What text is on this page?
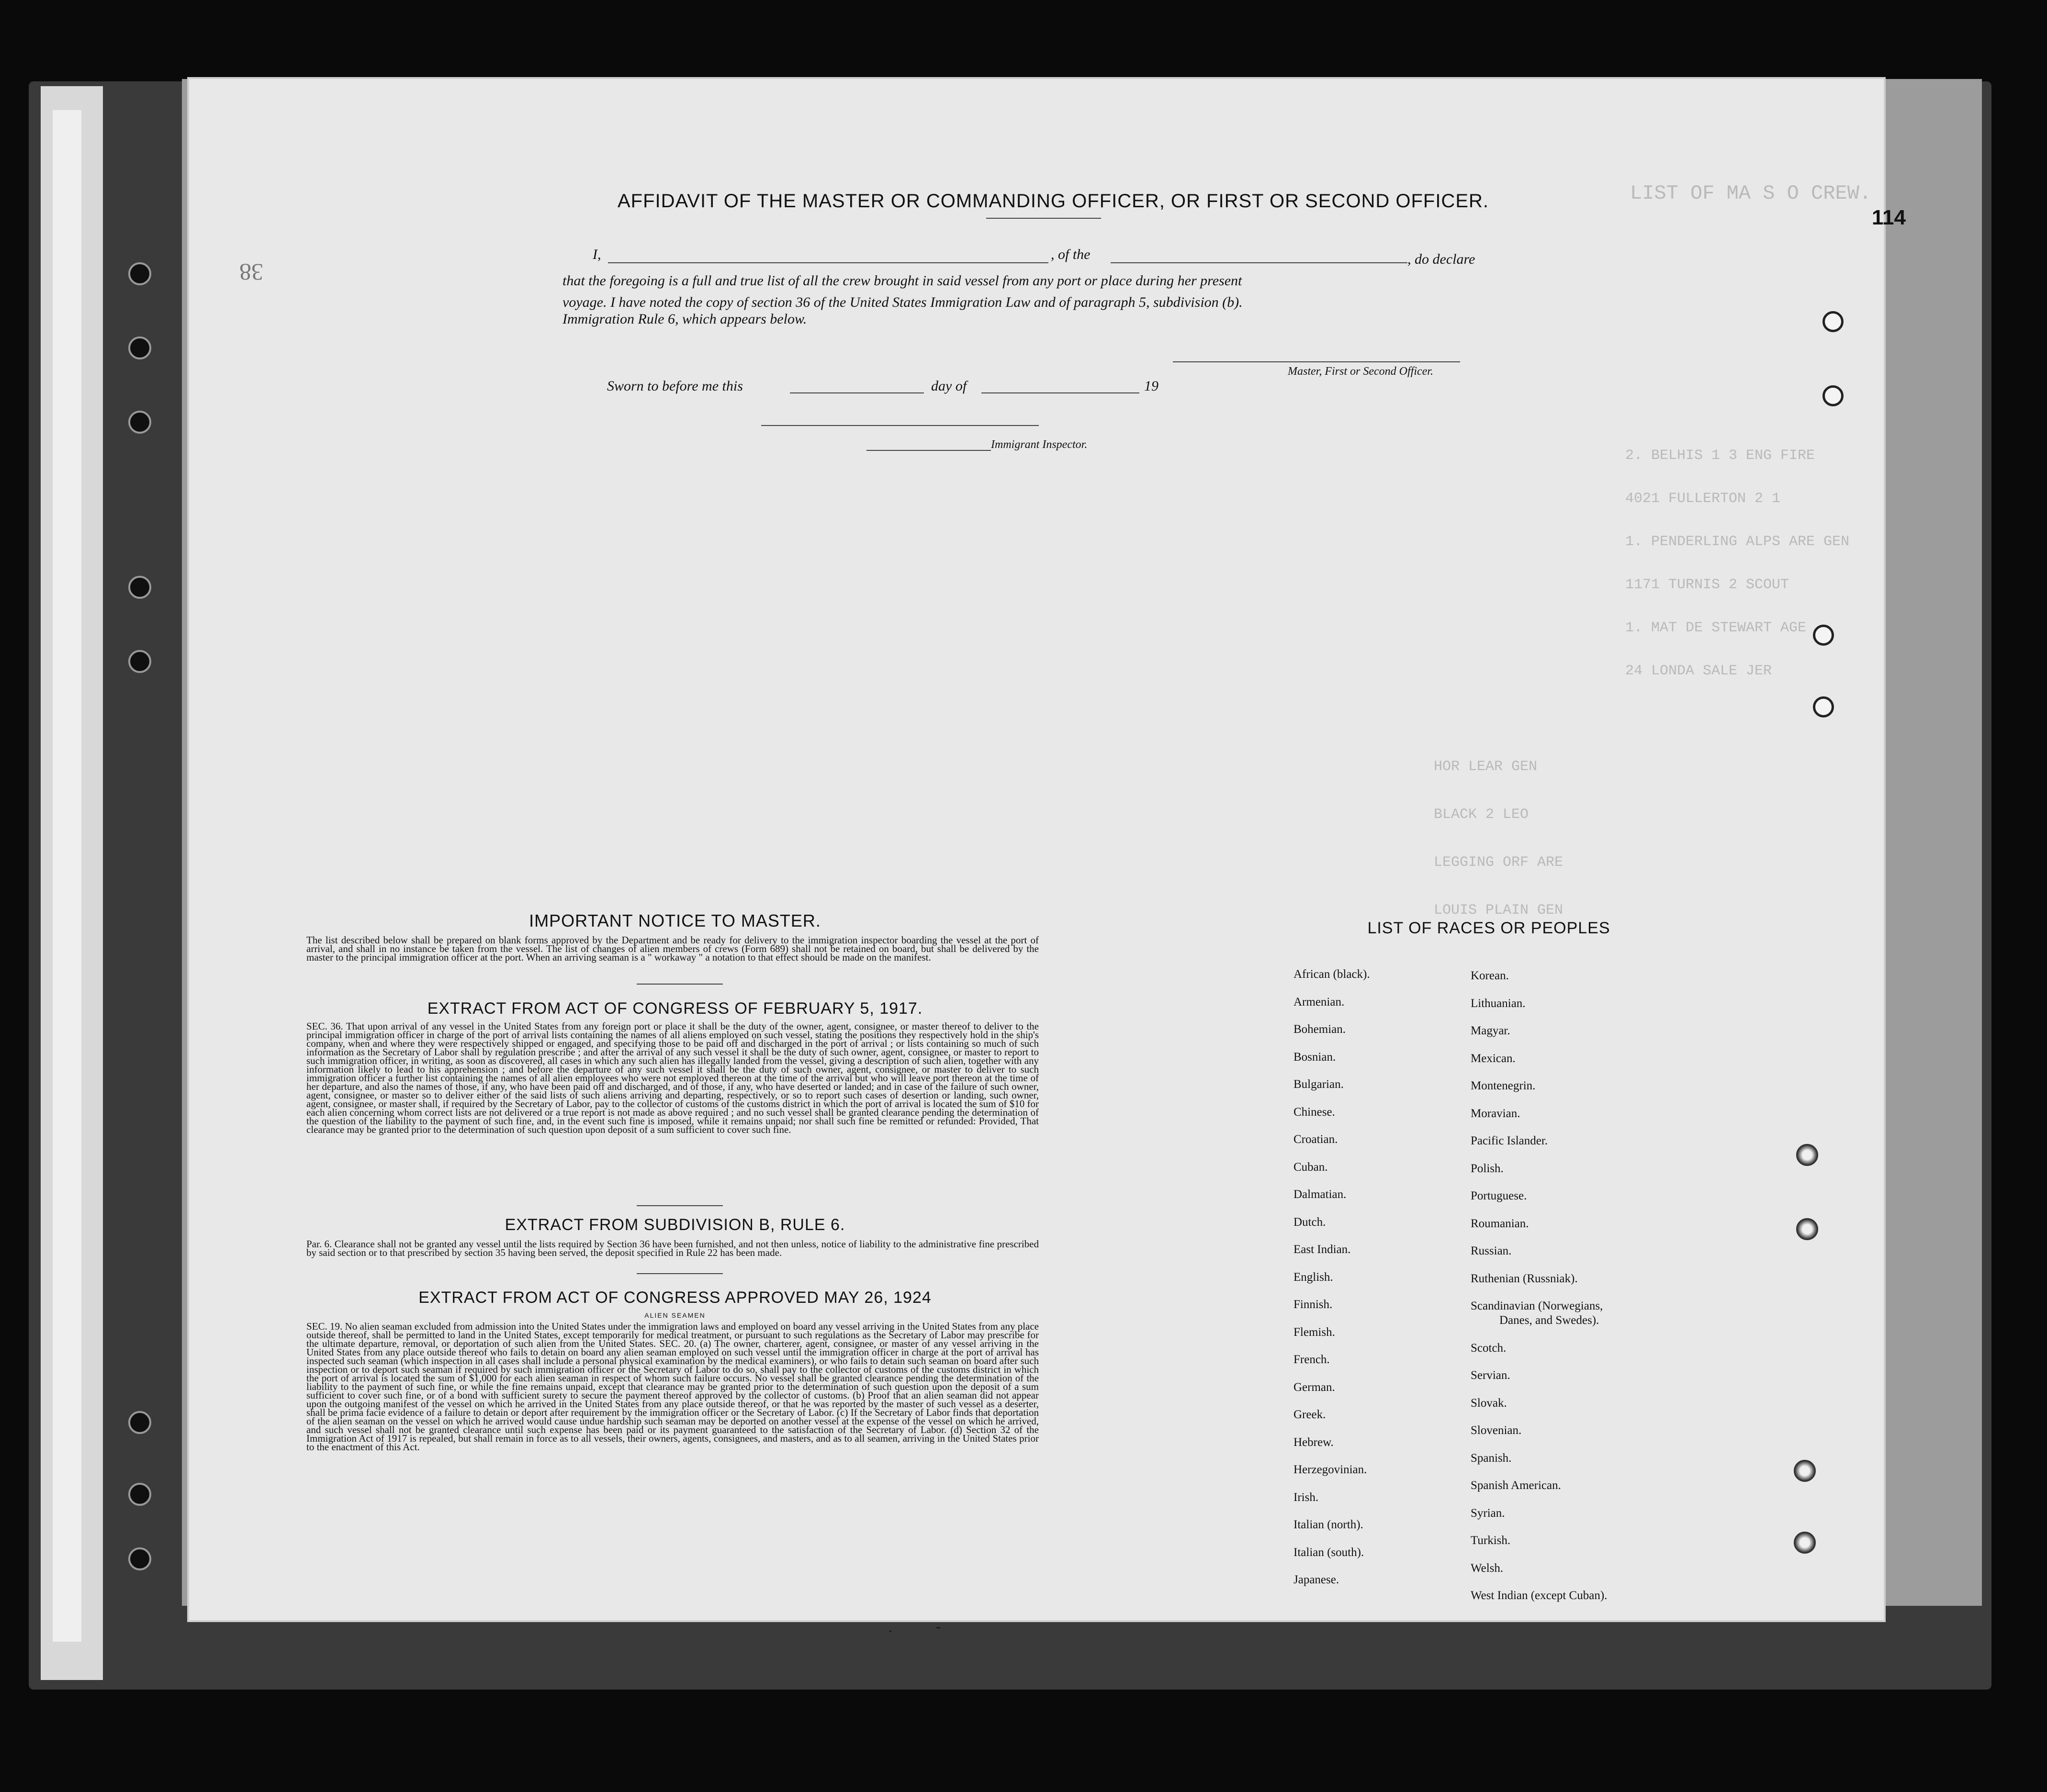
LIST OF MA S O CREW.
2. BELHIS 1 3 ENG FIRE
4021 FULLERTON 2 1
1. PENDERLING ALPS ARE GEN
1171 TURNIS 2 SCOUT
1. MAT DE STEWART AGE
24 LONDA SALE JER
HOR LEAR GEN
BLACK 2 LEO
LEGGING ORF ARE
LOUIS PLAIN GEN
38
114
AFFIDAVIT OF THE MASTER OR COMMANDING OFFICER, OR FIRST OR SECOND OFFICER.
I,	, of the	, do declare
that the foregoing is a full and true list of all the crew brought in said vessel from any port or place during her present
voyage. I have noted the copy of section 36 of the United States Immigration Law and of paragraph 5, subdivision (b).
Immigration Rule 6, which appears below.
Master, First or Second Officer.
Sworn to before me this	day of	19
Immigrant Inspector.
IMPORTANT NOTICE TO MASTER.
The list described below shall be prepared on blank forms approved by the Department and be ready for delivery to the immigration inspector boarding the vessel at the port of arrival, and shall in no instance be taken from the vessel. The list of changes of alien members of crews (Form 689) shall not be retained on board, but shall be delivered by the master to the principal immigration officer at the port. When an arriving seaman is a " workaway " a notation to that effect should be made on the manifest.
EXTRACT FROM ACT OF CONGRESS OF FEBRUARY 5, 1917.
SEC. 36. That upon arrival of any vessel in the United States from any foreign port or place it shall be the duty of the owner, agent, consignee, or master thereof to deliver to the principal immigration officer in charge of the port of arrival lists containing the names of all aliens employed on such vessel, stating the positions they respectively hold in the ship's company, when and where they were respectively shipped or engaged, and specifying those to be paid off and discharged in the port of arrival ; or lists containing so much of such information as the Secretary of Labor shall by regulation prescribe ; and after the arrival of any such vessel it shall be the duty of such owner, agent, consignee, or master to report to such immigration officer, in writing, as soon as discovered, all cases in which any such alien has illegally landed from the vessel, giving a description of such alien, together with any information likely to lead to his apprehension ; and before the departure of any such vessel it shall be the duty of such owner, agent, consignee, or master to deliver to such immigration officer a further list containing the names of all alien employees who were not employed thereon at the time of the arrival but who will leave port thereon at the time of her departure, and also the names of those, if any, who have been paid off and discharged, and of those, if any, who have deserted or landed; and in case of the failure of such owner, agent, consignee, or master so to deliver either of the said lists of such aliens arriving and departing, respectively, or so to report such cases of desertion or landing, such owner, agent, consignee, or master shall, if required by the Secretary of Labor, pay to the collector of customs of the customs district in which the port of arrival is located the sum of $10 for each alien concerning whom correct lists are not delivered or a true report is not made as above required ; and no such vessel shall be granted clearance pending the determination of the question of the liability to the payment of such fine, and, in the event such fine is imposed, while it remains unpaid; nor shall such fine be remitted or refunded: Provided, That clearance may be granted prior to the determination of such question upon deposit of a sum sufficient to cover such fine.
EXTRACT FROM SUBDIVISION B, RULE 6.
Par. 6. Clearance shall not be granted any vessel until the lists required by Section 36 have been furnished, and not then unless, notice of liability to the administrative fine prescribed by said section or to that prescribed by section 35 having been served, the deposit specified in Rule 22 has been made.
EXTRACT FROM ACT OF CONGRESS APPROVED MAY 26, 1924
ALIEN SEAMEN
SEC. 19. No alien seaman excluded from admission into the United States under the immigration laws and employed on board any vessel arriving in the United States from any place outside thereof, shall be permitted to land in the United States, except temporarily for medical treatment, or pursuant to such regulations as the Secretary of Labor may prescribe for the ultimate departure, removal, or deportation of such alien from the United States. SEC. 20. (a) The owner, charterer, agent, consignee, or master of any vessel arriving in the United States from any place outside thereof who fails to detain on board any alien seaman employed on such vessel until the immigration officer in charge at the port of arrival has inspected such seaman (which inspection in all cases shall include a personal physical examination by the medical examiners), or who fails to detain such seaman on board after such inspection or to deport such seaman if required by such immigration officer or the Secretary of Labor to do so, shall pay to the collector of customs of the customs district in which the port of arrival is located the sum of $1,000 for each alien seaman in respect of whom such failure occurs. No vessel shall be granted clearance pending the determination of the liability to the payment of such fine, or while the fine remains unpaid, except that clearance may be granted prior to the determination of such question upon the deposit of a sum sufficient to cover such fine, or of a bond with sufficient surety to secure the payment thereof approved by the collector of customs. (b) Proof that an alien seaman did not appear upon the outgoing manifest of the vessel on which he arrived in the United States from any place outside thereof, or that he was reported by the master of such vessel as a deserter, shall be prima facie evidence of a failure to detain or deport after requirement by the immigration officer or the Secretary of Labor. (c) If the Secretary of Labor finds that deportation of the alien seaman on the vessel on which he arrived would cause undue hardship such seaman may be deported on another vessel at the expense of the vessel on which he arrived, and such vessel shall not be granted clearance until such expense has been paid or its payment guaranteed to the satisfaction of the Secretary of Labor. (d) Section 32 of the Immigration Act of 1917 is repealed, but shall remain in force as to all vessels, their owners, agents, consignees, and masters, and as to all seamen, arriving in the United States prior to the enactment of this Act.
LIST OF RACES OR PEOPLES
African (black).
Armenian.
Bohemian.
Bosnian.
Bulgarian.
Chinese.
Croatian.
Cuban.
Dalmatian.
Dutch.
East Indian.
English.
Finnish.
Flemish.
French.
German.
Greek.
Hebrew.
Herzegovinian.
Irish.
Italian (north).
Italian (south).
Japanese.
Korean.
Lithuanian.
Magyar.
Mexican.
Montenegrin.
Moravian.
Pacific Islander.
Polish.
Portuguese.
Roumanian.
Russian.
Ruthenian (Russniak).
Scandinavian (Norwegians,
Danes, and Swedes).
Scotch.
Servian.
Slovak.
Slovenian.
Spanish.
Spanish American.
Syrian.
Turkish.
Welsh.
West Indian (except Cuban).
·	-
